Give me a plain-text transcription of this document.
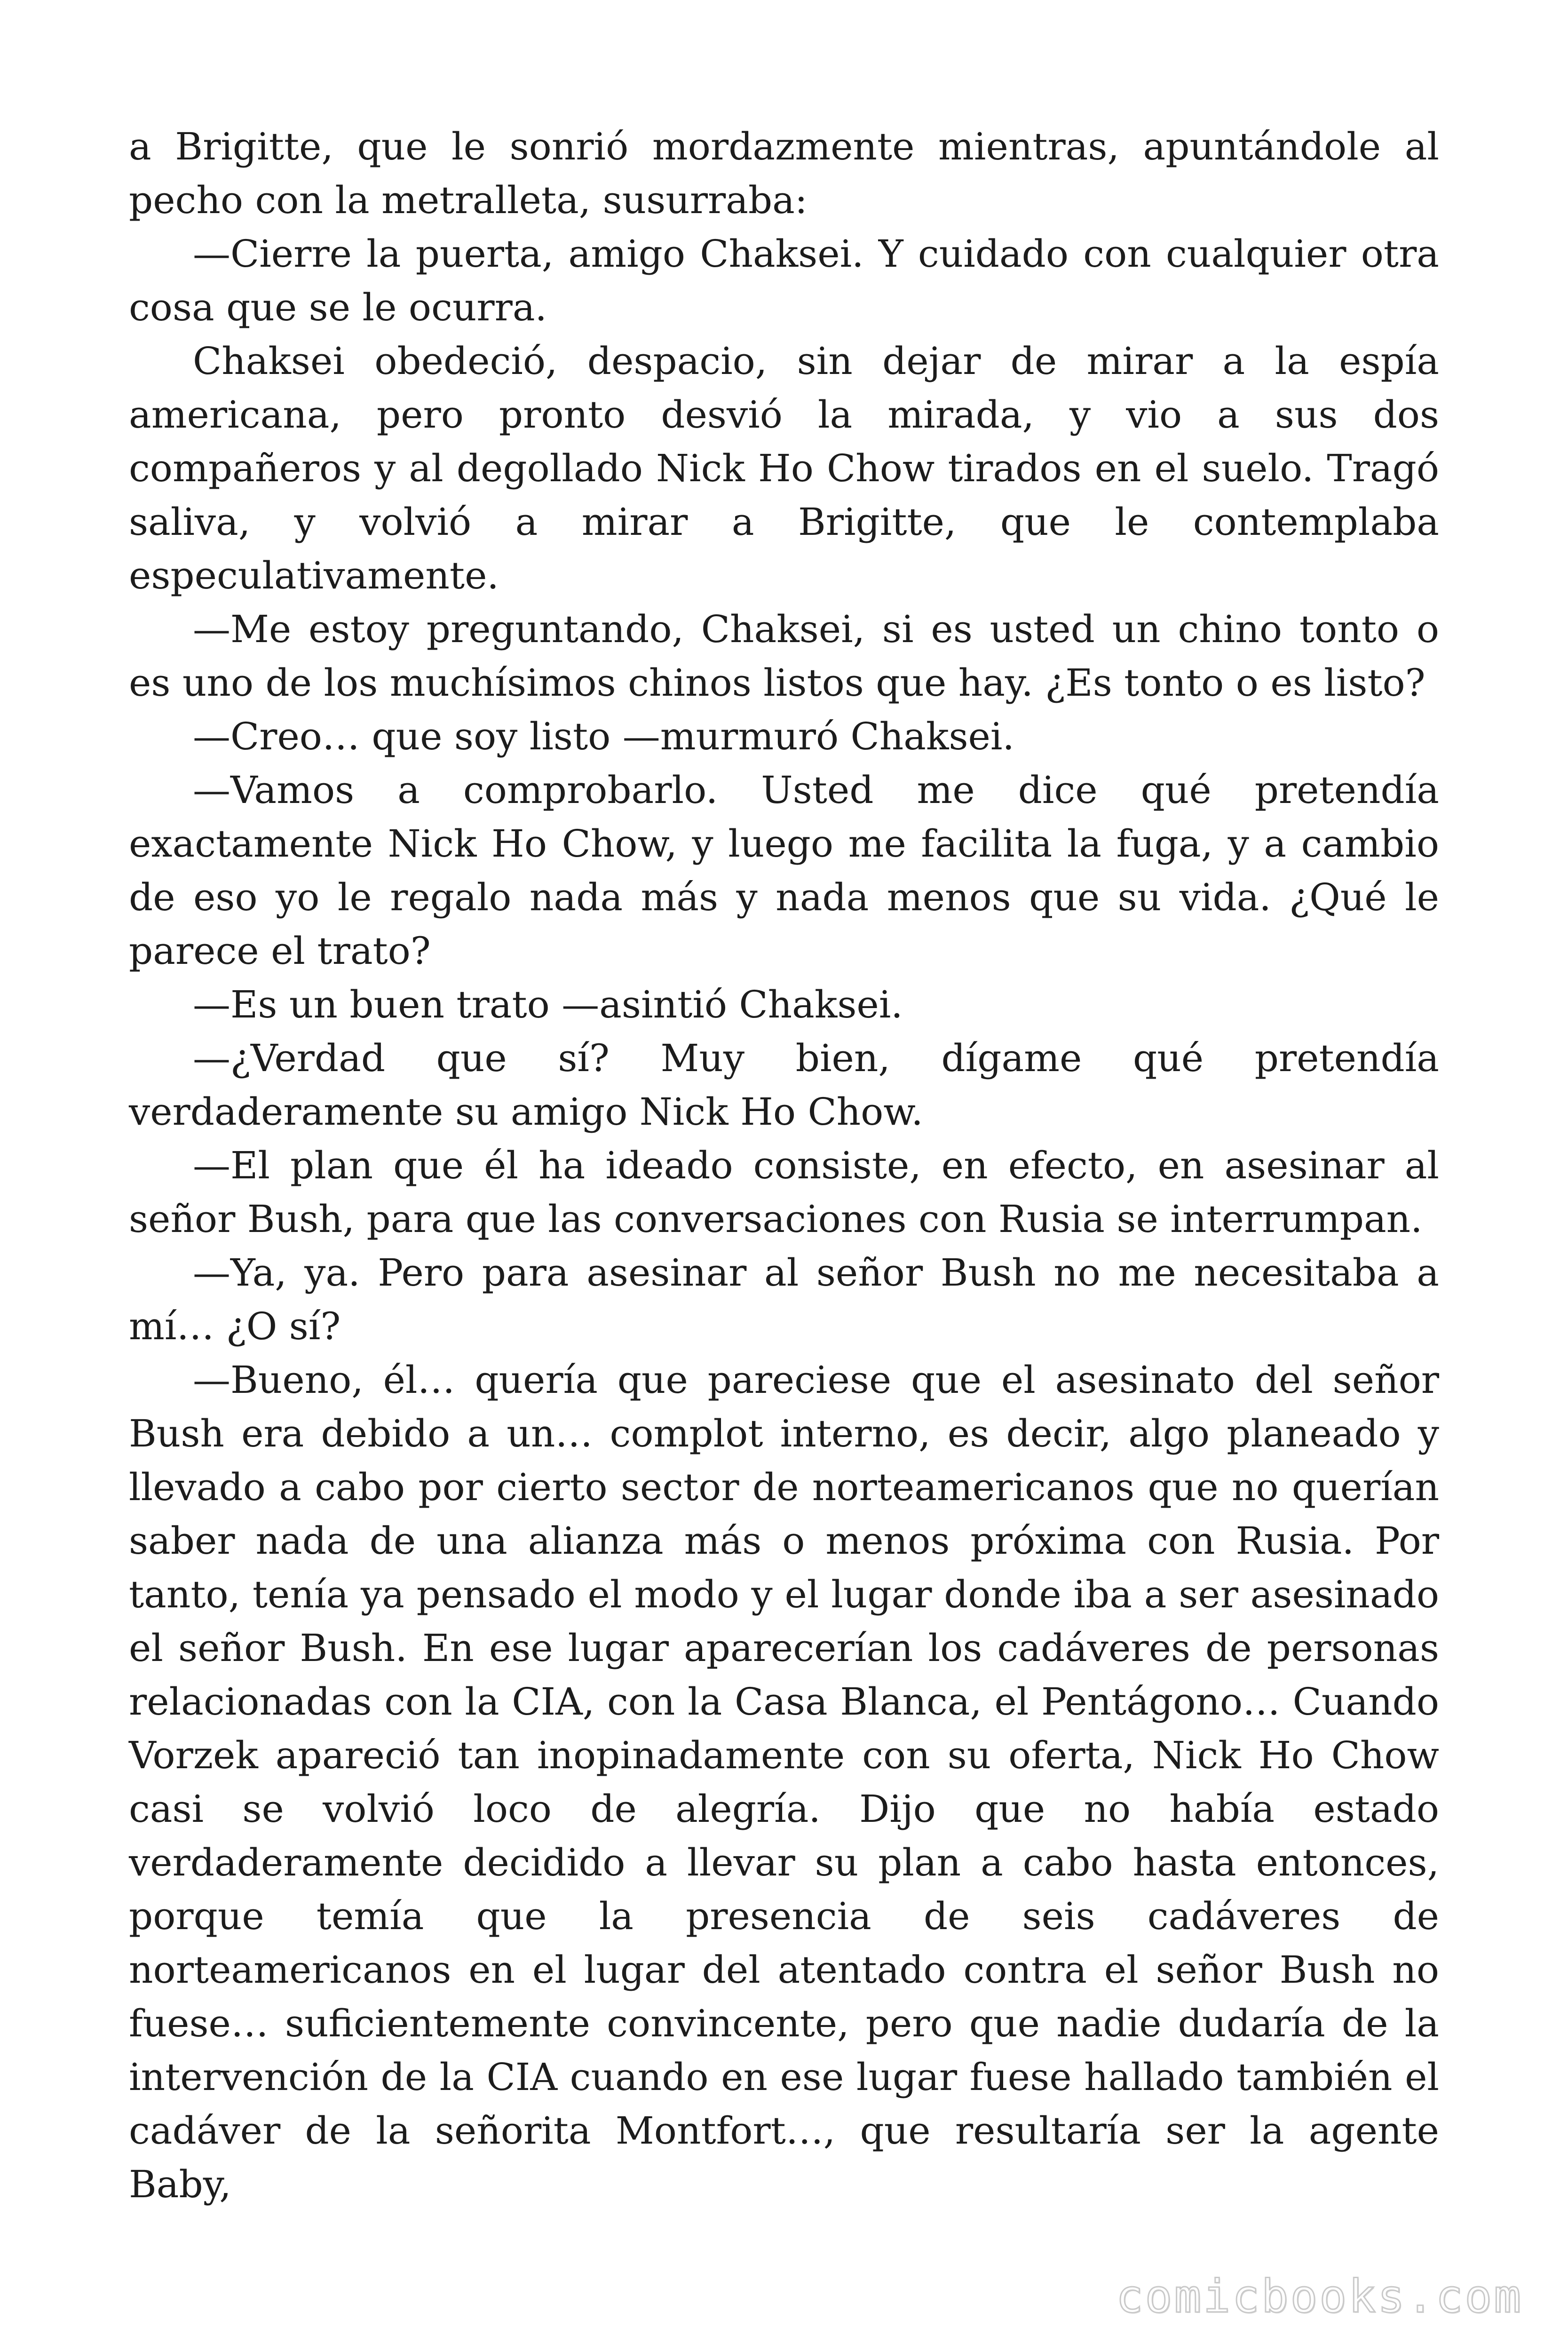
a Brigitte, que le sonrió mordazmente mientras, apuntándole al pecho con la metralleta, susurraba:

—Cierre la puerta, amigo Chaksei. Y cuidado con cualquier otra cosa que se le ocurra.

Chaksei obedeció, despacio, sin dejar de mirar a la espía americana, pero pronto desvió la mirada, y vio a sus dos compañeros y al degollado Nick Ho Chow tirados en el suelo. Tragó saliva, y volvió a mirar a Brigitte, que le contemplaba especulativamente.

—Me estoy preguntando, Chaksei, si es usted un chino tonto o es uno de los muchísimos chinos listos que hay. ¿Es tonto o es listo?

—Creo… que soy listo —murmuró Chaksei.

—Vamos a comprobarlo. Usted me dice qué pretendía exactamente Nick Ho Chow, y luego me facilita la fuga, y a cambio de eso yo le regalo nada más y nada menos que su vida. ¿Qué le parece el trato?

—Es un buen trato —asintió Chaksei.

—¿Verdad que sí? Muy bien, dígame qué pretendía verdaderamente su amigo Nick Ho Chow.

—El plan que él ha ideado consiste, en efecto, en asesinar al señor Bush, para que las conversaciones con Rusia se interrumpan.

—Ya, ya. Pero para asesinar al señor Bush no me necesitaba a mí… ¿O sí?

—Bueno, él… quería que pareciese que el asesinato del señor Bush era debido a un… complot interno, es decir, algo planeado y llevado a cabo por cierto sector de norteamericanos que no querían saber nada de una alianza más o menos próxima con Rusia. Por tanto, tenía ya pensado el modo y el lugar donde iba a ser asesinado el señor Bush. En ese lugar aparecerían los cadáveres de personas relacionadas con la CIA, con la Casa Blanca, el Pentágono… Cuando Vorzek apareció tan inopinadamente con su oferta, Nick Ho Chow casi se volvió loco de alegría. Dijo que no había estado verdaderamente decidido a llevar su plan a cabo hasta entonces, porque temía que la presencia de seis cadáveres de norteamericanos en el lugar del atentado contra el señor Bush no fuese… suficientemente convincente, pero que nadie dudaría de la intervención de la CIA cuando en ese lugar fuese hallado también el cadáver de la señorita Montfort…, que resultaría ser la agente Baby,

comicbooks.com
